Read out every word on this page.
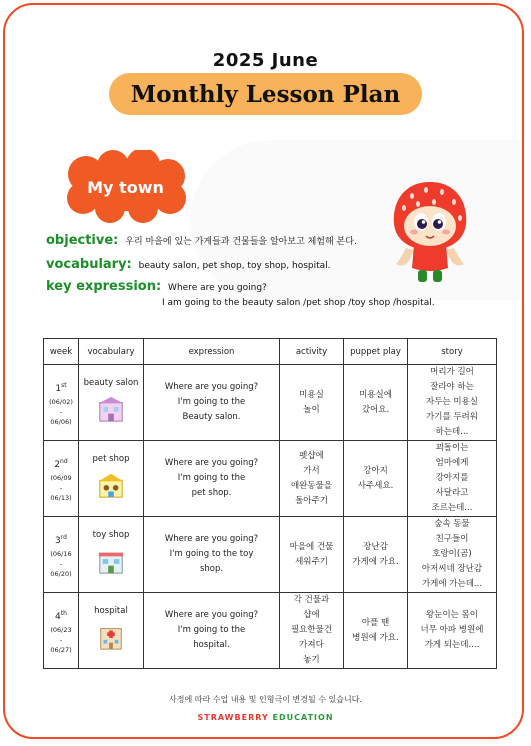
2025 June
Monthly Lesson Plan
My town
objective: 우리 마을에 있는 가게들과 건물들을 알아보고 체험해 본다.
vocabulary: beauty salon, pet shop, toy shop, hospital.
key expression: Where are you going?
I am going to the beauty salon /pet shop /toy shop /hospital.
week	vocabulary	expression	activity	puppet play	story
1st
(06/02)
-
06/06)	beauty salon	Where are you going?
I'm going to the
Beauty salon.	미용실
놀이	미용실에
갔어요.	머리가 길어
잘라야 하는
자두는 미용실
가기를 두려워
하는데...

2nd
(06/09
-
06/13)	pet shop	Where are you going?
I'm going to the
pet shop.	펫샵에
가서
애완동물을
돌아주기	강아지
사주세요.	꾀돌이는
엄마에게
강아지를
사달라고
조르는데...

3rd
(06/16
-
06/20)	toy shop	Where are you going?
I'm going to the toy
shop.	마을에 건물
세워주기	장난감
가게에 가요.	숲속 동물
친구들이
호랑이(곰)
아저씨네 장난감
가게에 가는데...

4th
(06/23
-
06/27)	hospital	Where are you going?
I'm going to the
hospital.	각 건물과
샵에
필요한물건
가져다
놓기	아플 땐
병원에 가요.	왕눈이는 몸이
너무 아파 병원에
가게 되는데....
사정에 따라 수업 내용 및 인형극이 변경될 수 있습니다.
STRAWBERRY EDUCATION
